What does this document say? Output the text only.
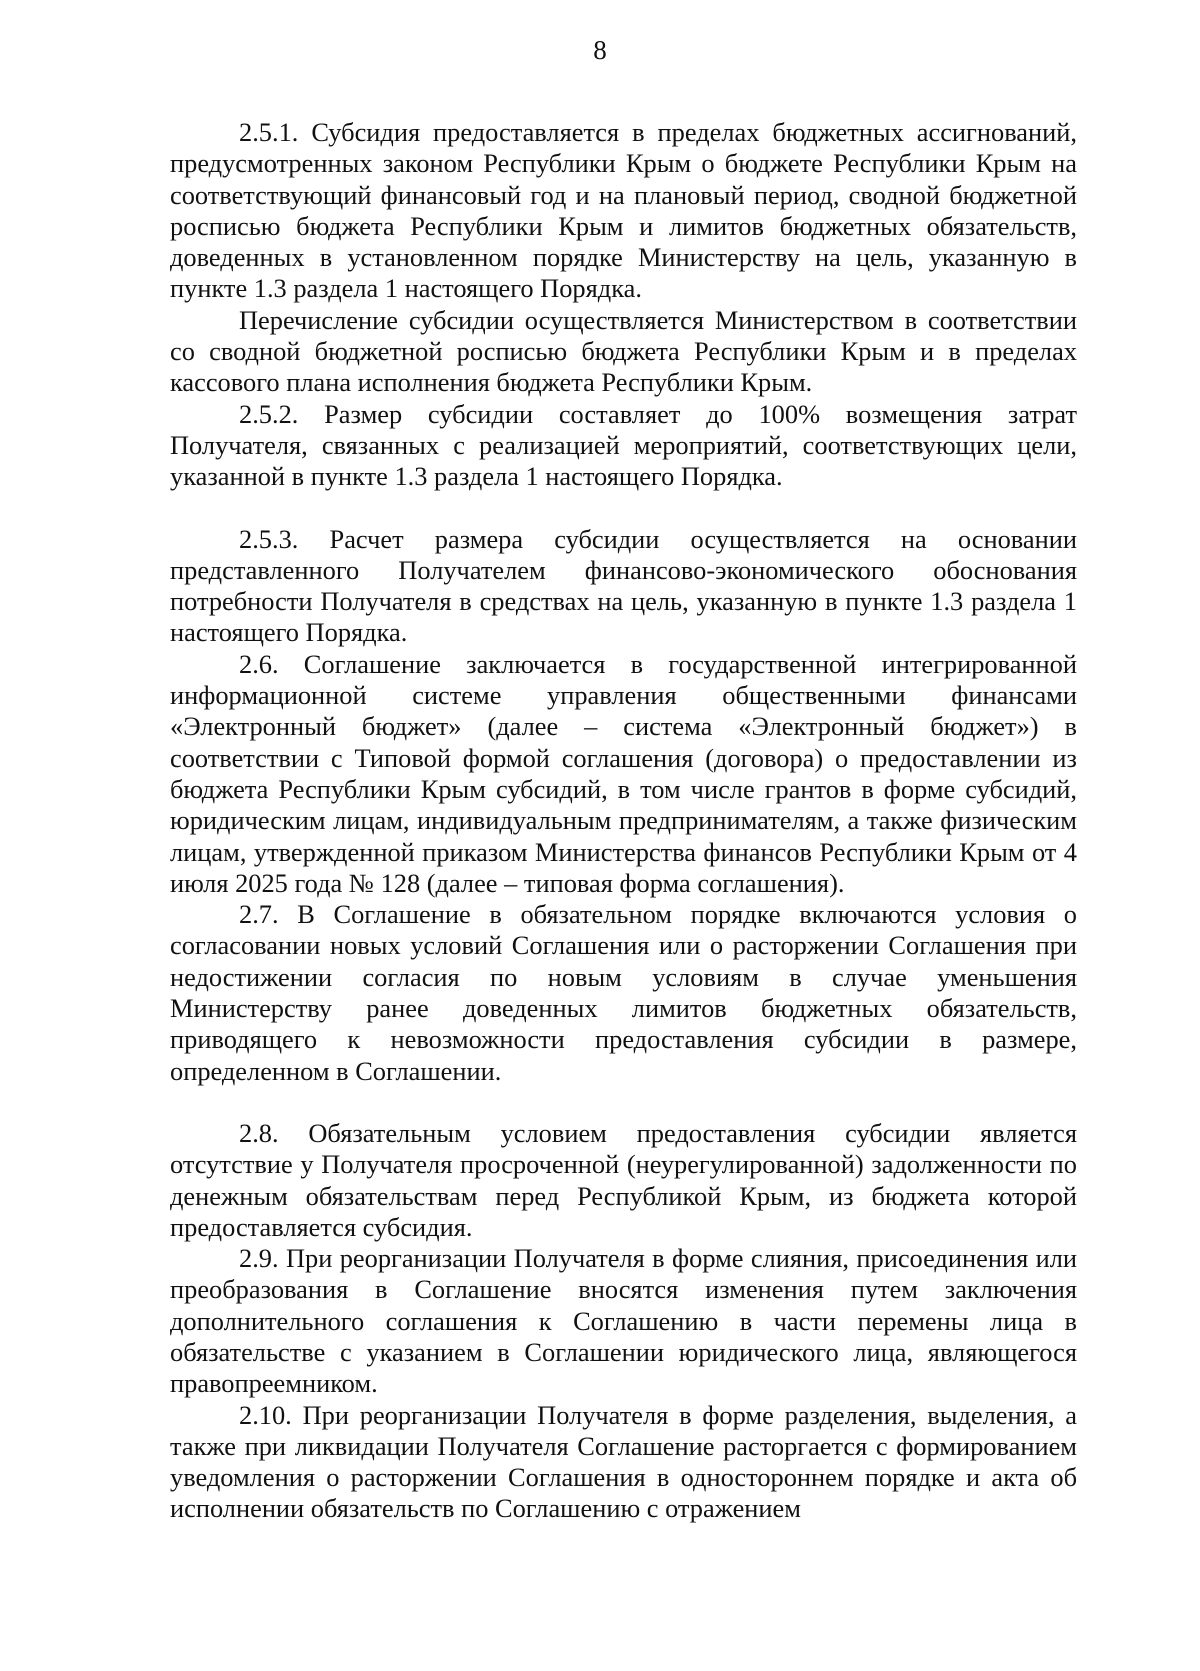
8

2.5.1. Субсидия предоставляется в пределах бюджетных ассигнований, предусмотренных законом Республики Крым о бюджете Республики Крым на соответствующий финансовый год и на плановый период, сводной бюджетной росписью бюджета Республики Крым и лимитов бюджетных обязательств, доведенных в установленном порядке Министерству на цель, указанную в пункте 1.3 раздела 1 настоящего Порядка.

Перечисление субсидии осуществляется Министерством в соответствии со сводной бюджетной росписью бюджета Республики Крым и в пределах кассового плана исполнения бюджета Республики Крым.

2.5.2. Размер субсидии составляет до 100% возмещения затрат Получателя, связанных с реализацией мероприятий, соответствующих цели, указанной в пункте 1.3 раздела 1 настоящего Порядка.

2.5.3. Расчет размера субсидии осуществляется на основании представленного Получателем финансово-экономического обоснования потребности Получателя в средствах на цель, указанную в пункте 1.3 раздела 1 настоящего Порядка.

2.6. Соглашение заключается в государственной интегрированной информационной системе управления общественными финансами «Электронный бюджет» (далее – система «Электронный бюджет») в соответствии с Типовой формой соглашения (договора) о предоставлении из бюджета Республики Крым субсидий, в том числе грантов в форме субсидий, юридическим лицам, индивидуальным предпринимателям, а также физическим лицам, утвержденной приказом Министерства финансов Республики Крым от 4 июля 2025 года № 128 (далее – типовая форма соглашения).

2.7. В Соглашение в обязательном порядке включаются условия о согласовании новых условий Соглашения или о расторжении Соглашения при недостижении согласия по новым условиям в случае уменьшения Министерству ранее доведенных лимитов бюджетных обязательств, приводящего к невозможности предоставления субсидии в размере, определенном в Соглашении.

2.8. Обязательным условием предоставления субсидии является отсутствие у Получателя просроченной (неурегулированной) задолженности по денежным обязательствам перед Республикой Крым, из бюджета которой предоставляется субсидия.

2.9. При реорганизации Получателя в форме слияния, присоединения или преобразования в Соглашение вносятся изменения путем заключения дополнительного соглашения к Соглашению в части перемены лица в обязательстве с указанием в Соглашении юридического лица, являющегося правопреемником.

2.10. При реорганизации Получателя в форме разделения, выделения, а также при ликвидации Получателя Соглашение расторгается с формированием уведомления о расторжении Соглашения в одностороннем порядке и акта об исполнении обязательств по Соглашению с отражением
